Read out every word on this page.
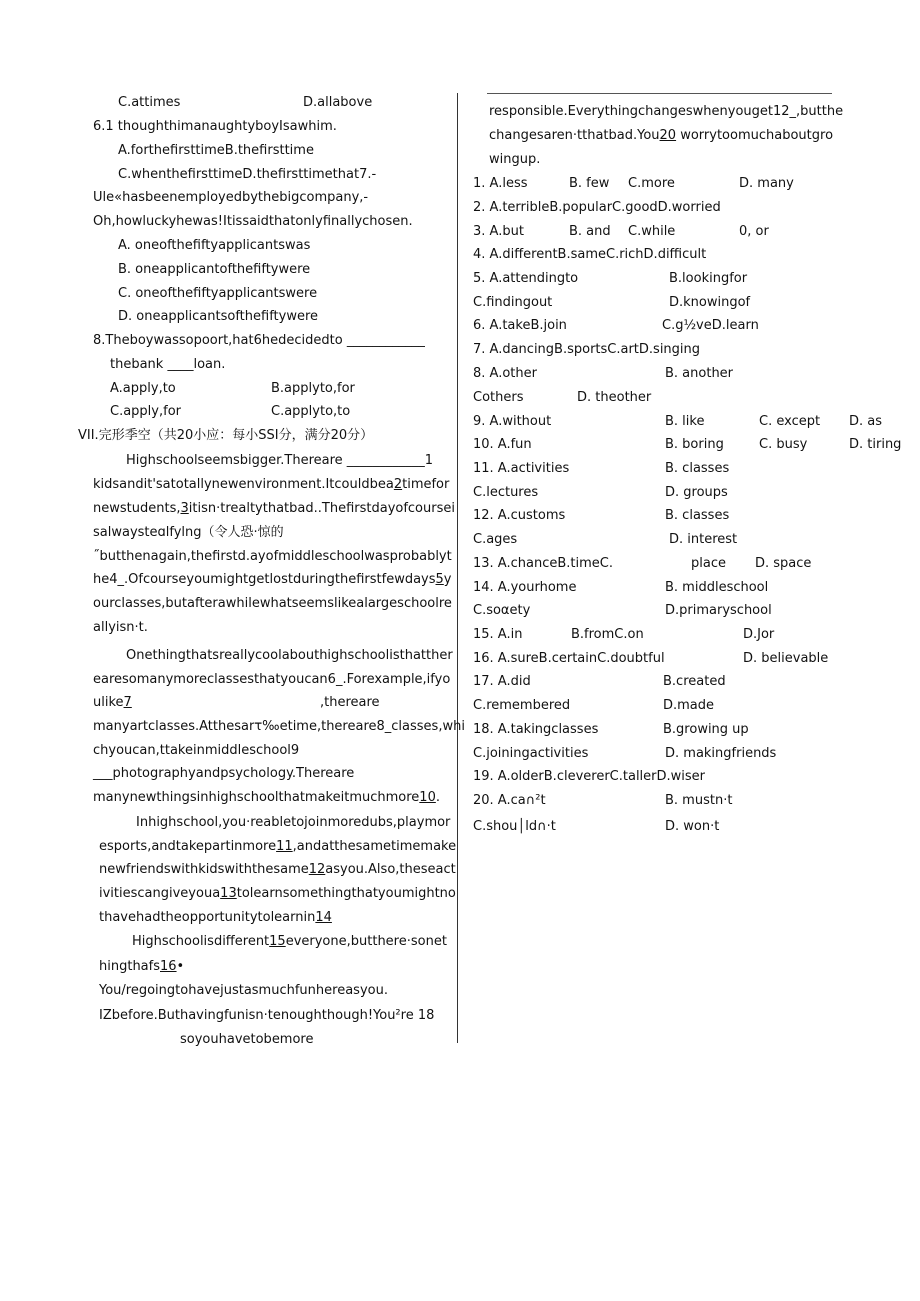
C.attimes	D.allabove
6.1 thoughthimanaughtyboyIsawhim.
A.forthefirsttimeB.thefirsttime
C.whenthefirsttimeD.thefirsttimethat7.-
Ule«hasbeenemployedbythebigcompany,-
Oh,howluckyhewas!Itissaidthatonlyfinallychosen.
A. oneofthefiftyapplicantswas
B. oneapplicantofthefiftywere
C. oneofthefiftyapplicantswere
D. oneapplicantsofthefiftywere
8.Theboywassopoort,hat6hedecidedto ____________
thebank ____loan.
A.apply,to	B.applyto,for
C.apply,for	C.applyto,to
VII.完形季空（共20小应：每小SSI分，满分20分）
Highschoolseemsbigger.Thereare ____________1
kidsandit'satotallynewenvironment.Itcouldbea2timefor
newstudents,3itisn·trealtythatbad..Thefirstdayofcoursei
salwaysteɑlfylng（令人恐·惊的
˝butthenagain,thefirstd.ayofmiddleschoolwasprobablyt
he4_.Ofcourseyoumightgetlostduringthefirstfewdays5y
ourclasses,butafterawhilewhatseemslikealargeschoolre
allyisn·t.
Onethingthatsreallycoolabouthighschoolisthatther
earesomanymoreclassesthatyoucan6_.Forexample,ifyo
ulike7
manyartclasses.Atthesarτ‰etime,thereare8_classes,whi
chyoucan,ttakeinmiddleschool9
___photographyandpsychology.Thereare
manynewthingsinhighschoolthatmakeitmuchmore10.
Inhighschool,you·reabletojoinmoredubs,playmor
esports,andtakepartinmore11,andatthesametimemake
newfriendswithkidswiththesame12asyou.Also,theseact
ivitiescangiveyoua13tolearnsomethingthatyoumightno
thavehadtheopportunitytolearnin14
Highschoolisdifferent15everyone,butthere·sonet
hingthafs16•
You/regoingtohavejustasmuchfunhereasyou.
IZbefore.Buthavingfunisn·tenoughthough!You²re 18
soyouhavetobemore
,thereare
responsible.Everythingchangeswhenyouget12_,butthe
changesaren·tthatbad.You20 worrytoomuchaboutgro
wingup.
1. A.less	B. few C.more	D. many
2. A.terribleB.popularC.goodD.worried
3. A.but	B. and C.while	0, or
4. A.differentB.sameC.richD.difficult
5. A.attendingto	B.lookingfor
C.findingout	D.knowingof
6. A.takeB.join	C.g½veD.learn
7. A.dancingB.sportsC.artD.singing
8. A.other	B. another
Cothers	D. theother
9. A.without	B. like	C. except D. as
10. A.fun	B. boring	C. busy	D. tiring
11. A.activities	B. classes
C.lectures	D. groups
12. A.customs	B. classes
C.ages	D. interest
13. A.chanceB.timeC.	place D. space
14. A.yourhome	B. middleschool
C.soαety	D.primaryschool
15. A.in	B.fromC.on	D.Jor
16. A.sureB.certainC.doubtful	D. believable
17. A.did	B.created
C.remembered	D.made
18. A.takingclasses	B.growing up
C.joiningactivities	D. makingfriends
19. A.olderB.clevererC.tallerD.wiser
20. A.ca∩²t	B. mustn·t
C.shou│ld∩·t	D. won·t
